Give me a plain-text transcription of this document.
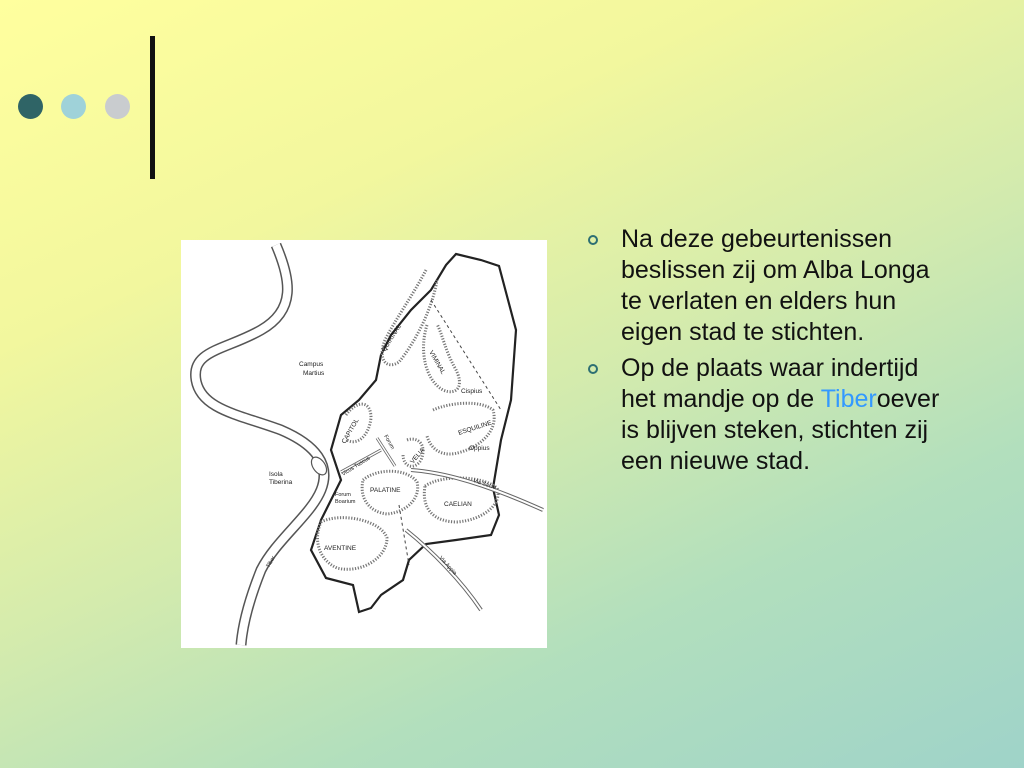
Campus Martius
Isola Tiberina
QUIRINAL
VIMINAL
Cispius
ESQUILINE
Oppius
CAPITOL	Forum
Vicus Tuscus	VELIA
PALATINE	Via Sacra
Forum Boarium	CAELIAN
AVENTINE
Tiber	Via Appia
Na deze gebeurtenissen beslissen zij om Alba Longa te verlaten en elders hun eigen stad te stichten.
Op de plaats waar indertijd het mandje op de Tiberoever is blijven steken, stichten zij een nieuwe stad.
